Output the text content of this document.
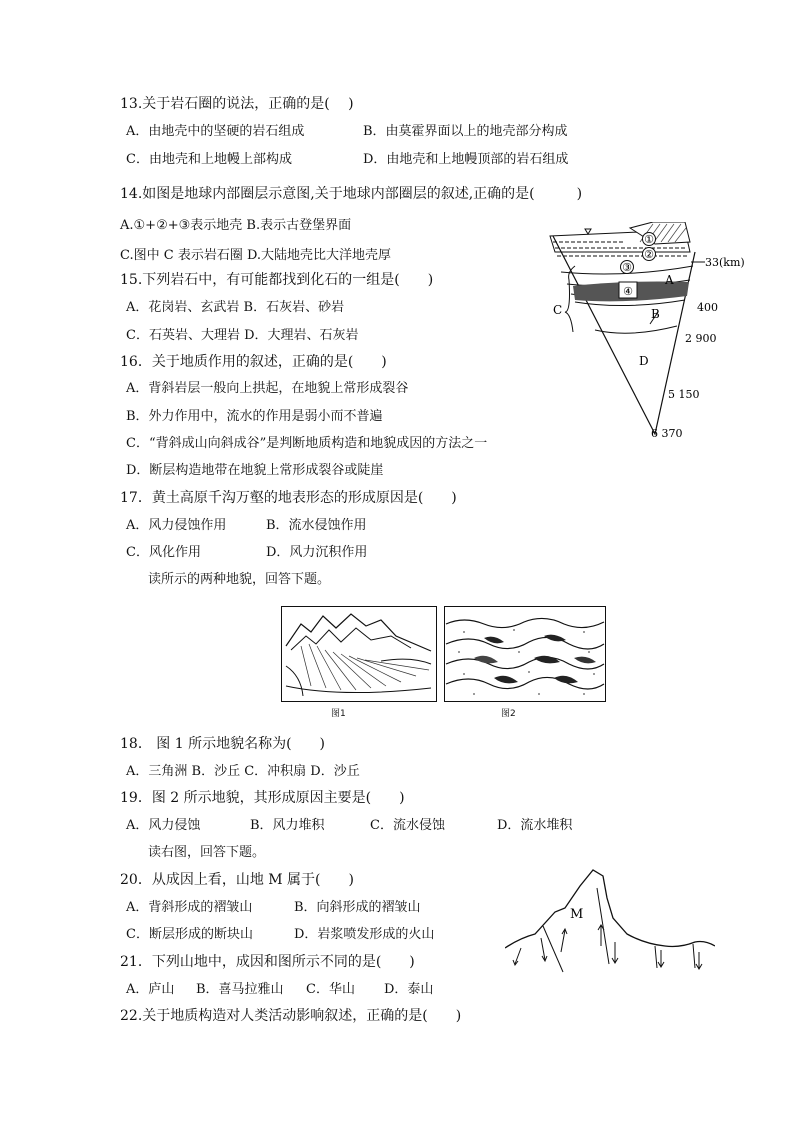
13.关于岩石圈的说法，正确的是(　 )
A．由地壳中的坚硬的岩石组成	B．由莫霍界面以上的地壳部分构成
C．由地壳和上地幔上部构成	D．由地壳和上地幔顶部的岩石组成
14.如图是地球内部圈层示意图,关于地球内部圈层的叙述,正确的是(　　　)
A.①+②+③表示地壳 B.表示古登堡界面
C.图中 C 表示岩石圈 D.大陆地壳比大洋地壳厚
15.下列岩石中，有可能都找到化石的一组是(　　)
A．花岗岩、玄武岩 B．石灰岩、砂岩
C．石英岩、大理岩 D．大理岩、石灰岩
16．关于地质作用的叙述，正确的是(　　)
A．背斜岩层一般向上拱起，在地貌上常形成裂谷
B．外力作用中，流水的作用是弱小而不普遍
C．“背斜成山向斜成谷”是判断地质构造和地貌成因的方法之一
D．断层构造地带在地貌上常形成裂谷或陡崖
①
②
③
④
A
B
C
D
33(km)
400
2 900
5 150
6 370
17．黄土高原千沟万壑的地表形态的形成原因是(　　)
A．风力侵蚀作用	B．流水侵蚀作用
C．风化作用	D．风力沉积作用
读所示的两种地貌，回答下题。
图1	图2
18． 图 1 所示地貌名称为(　　)
A．三角洲 B．沙丘 C．冲积扇 D．沙丘
19．图 2 所示地貌，其形成原因主要是(　　)
A．风力侵蚀	B．风力堆积	C．流水侵蚀	D．流水堆积
读右图，回答下题。
20．从成因上看，山地 M 属于(　　)
A．背斜形成的褶皱山	B．向斜形成的褶皱山
C．断层形成的断块山	D．岩浆喷发形成的火山
M
21．下列山地中，成因和图所示不同的是(　　)
A．庐山 B．喜马拉雅山 C．华山 D．泰山
22.关于地质构造对人类活动影响叙述，正确的是(　　)
